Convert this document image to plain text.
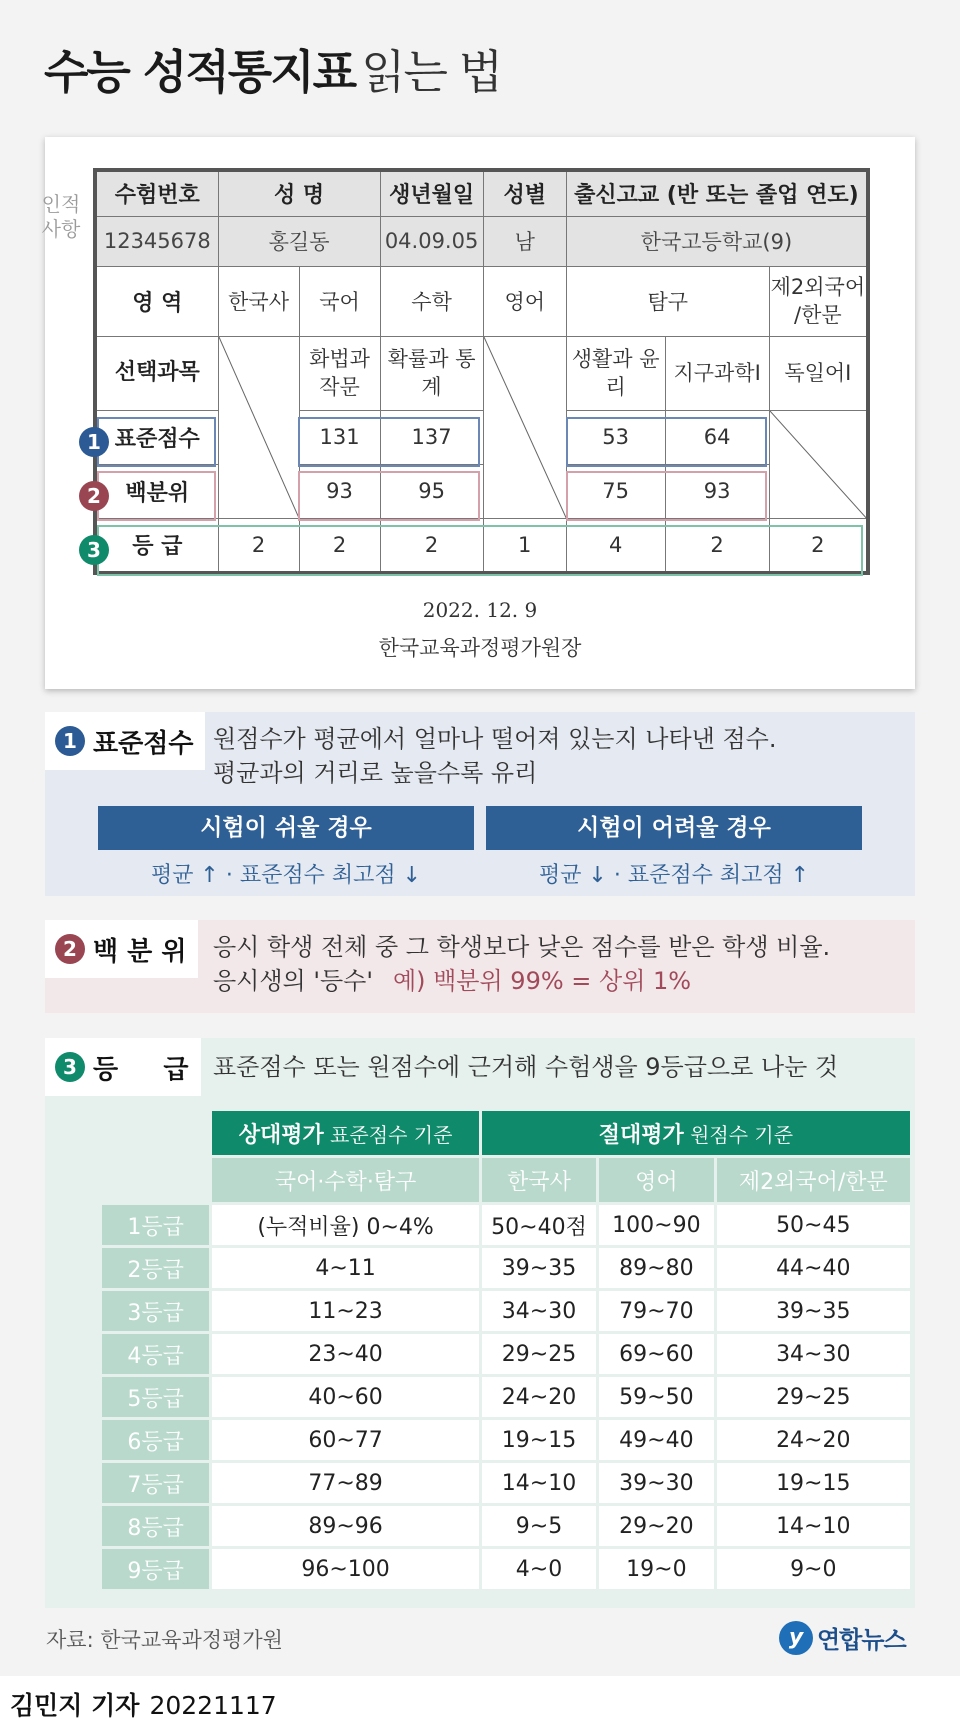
수능 성적통지표 읽는 법
인적
사항
수험번호	성 명		생년월일	성별	출신고교 (반 또는 졸업 연도)		
12345678	홍길동		04.09.05	남	한국고등학교(9)		
영 역	한국사	국어	수학	영어	탐구		제2외국어 /한문
선택과목		화법과 작문	확률과 통계		생활과 윤리	지구과학Ⅰ	독일어Ⅰ
표준점수		131	137		53	64	

백분위		93	95		75	93	
등 급	2	2	2	1	4	2	2
1
2
3
2022. 12. 9
한국교육과정평가원장
1 표준점수 원점수가 평균에서 얼마나 떨어져 있는지 나타낸 점수.
평균과의 거리로 높을수록 유리
시험이 쉬울 경우
평균 ↑ · 표준점수 최고점 ↓
시험이 어려울 경우
평균 ↓ · 표준점수 최고점 ↑
2 백 분 위 응시 학생 전체 중 그 학생보다 낮은 점수를 받은 학생 비율.
응시생의 '등수' 예) 백분위 99% = 상위 1%
3 등     급 표준점수 또는 원점수에 근거해 수험생을 9등급으로 나눈 것
	상대평가 표준점수 기준	절대평가 원점수 기준		
	국어·수학·탐구	한국사	영어	제2외국어/한문
1등급	(누적비율) 0~4%	50~40점	100~90	50~45
2등급	4~11	39~35	89~80	44~40
3등급	11~23	34~30	79~70	39~35
4등급	23~40	29~25	69~60	34~30
5등급	40~60	24~20	59~50	29~25
6등급	60~77	19~15	49~40	24~20
7등급	77~89	14~10	39~30	19~15
8등급	89~96	9~5	29~20	14~10
9등급	96~100	4~0	19~0	9~0
자료: 한국교육과정평가원	y 연합뉴스
김민지 기자 20221117
